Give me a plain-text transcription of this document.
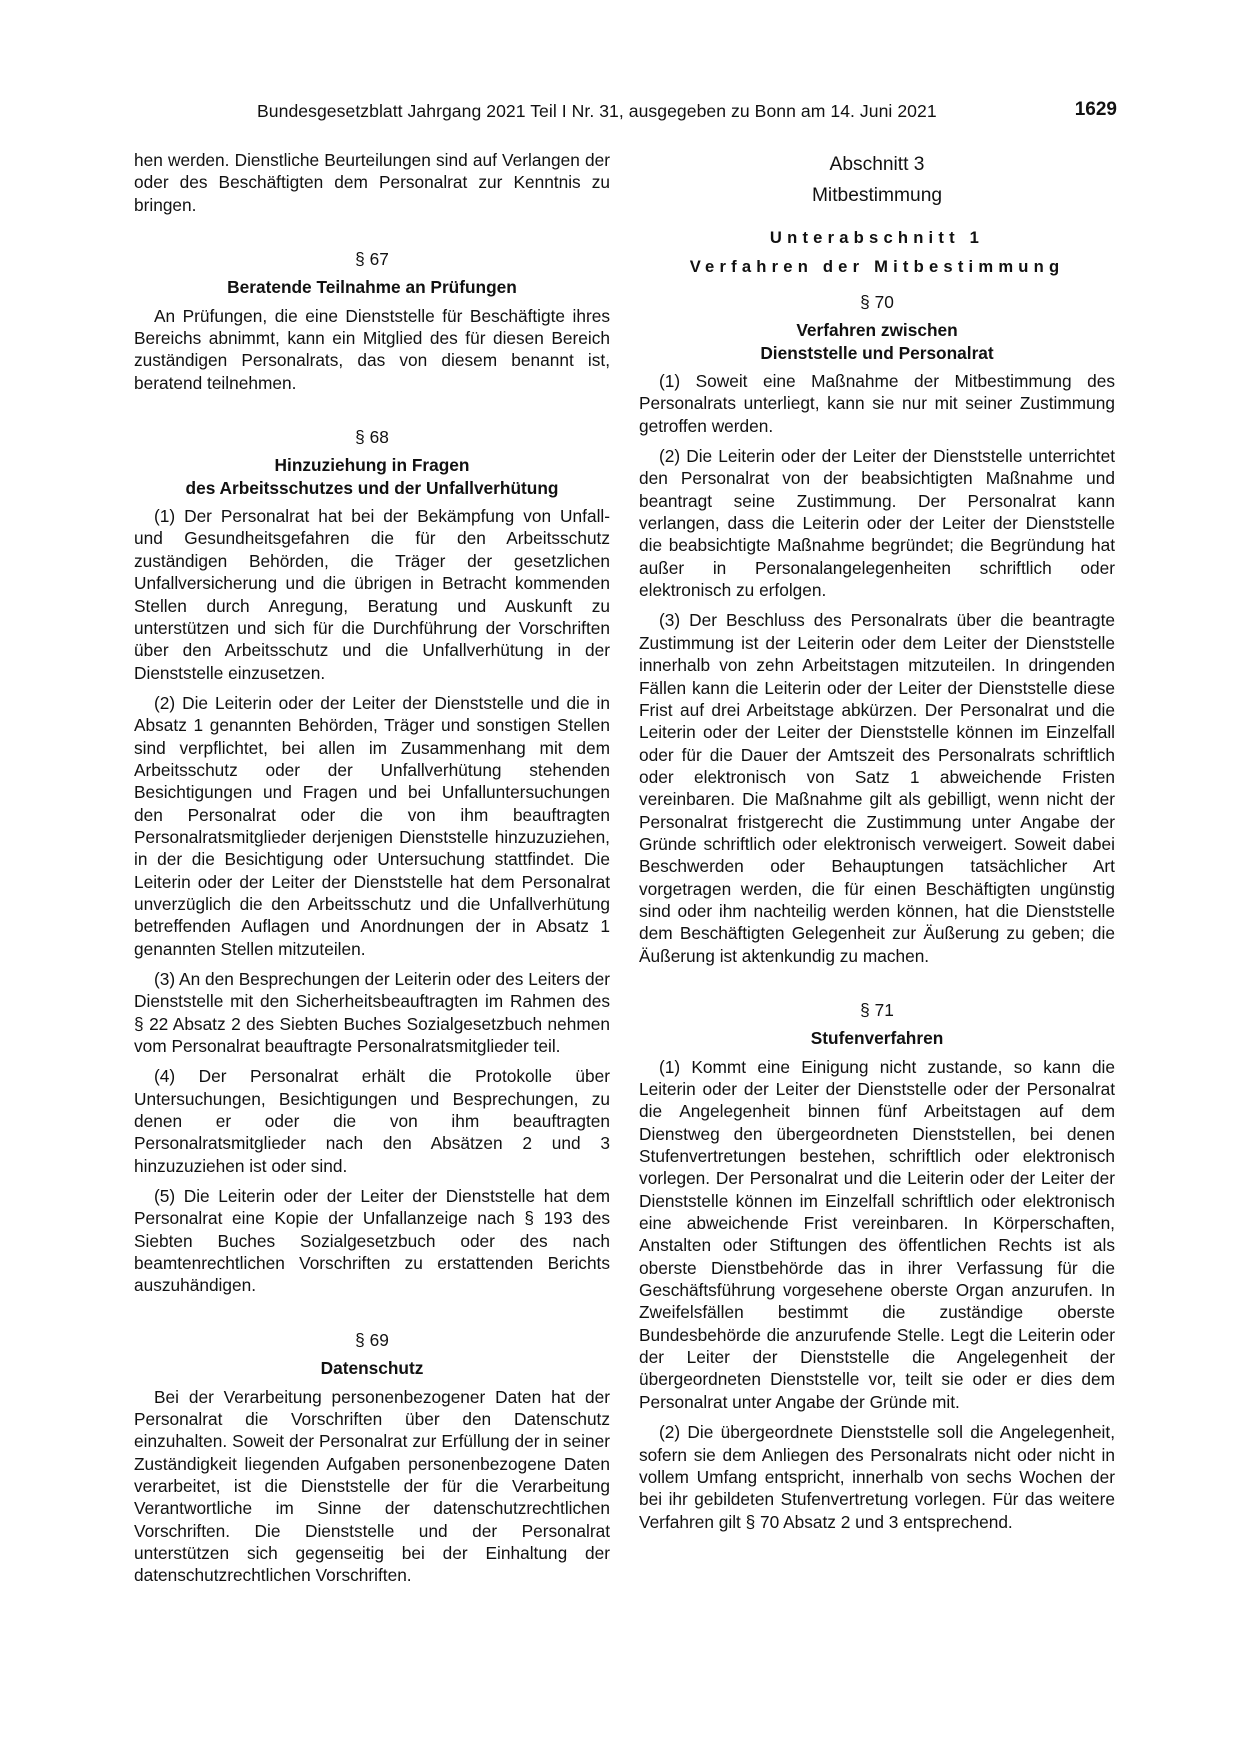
Bundesgesetzblatt Jahrgang 2021 Teil I Nr. 31, ausgegeben zu Bonn am 14. Juni 2021	1629

hen werden. Dienstliche Beurteilungen sind auf Verlangen der oder des Beschäftigten dem Personalrat zur Kenntnis zu bringen.

§ 67
Beratende Teilnahme an Prüfungen

An Prüfungen, die eine Dienststelle für Beschäftigte ihres Bereichs abnimmt, kann ein Mitglied des für diesen Bereich zuständigen Personalrats, das von diesem benannt ist, beratend teilnehmen.

§ 68
Hinzuziehung in Fragen
des Arbeitsschutzes und der Unfallverhütung

(1) Der Personalrat hat bei der Bekämpfung von Unfall- und Gesundheitsgefahren die für den Arbeitsschutz zuständigen Behörden, die Träger der gesetzlichen Unfallversicherung und die übrigen in Betracht kommenden Stellen durch Anregung, Beratung und Auskunft zu unterstützen und sich für die Durchführung der Vorschriften über den Arbeitsschutz und die Unfallverhütung in der Dienststelle einzusetzen.

(2) Die Leiterin oder der Leiter der Dienststelle und die in Absatz 1 genannten Behörden, Träger und sonstigen Stellen sind verpflichtet, bei allen im Zusammenhang mit dem Arbeitsschutz oder der Unfallverhütung stehenden Besichtigungen und Fragen und bei Unfalluntersuchungen den Personalrat oder die von ihm beauftragten Personalratsmitglieder derjenigen Dienststelle hinzuzuziehen, in der die Besichtigung oder Untersuchung stattfindet. Die Leiterin oder der Leiter der Dienststelle hat dem Personalrat unverzüglich die den Arbeitsschutz und die Unfallverhütung betreffenden Auflagen und Anordnungen der in Absatz 1 genannten Stellen mitzuteilen.

(3) An den Besprechungen der Leiterin oder des Leiters der Dienststelle mit den Sicherheitsbeauftragten im Rahmen des § 22 Absatz 2 des Siebten Buches Sozialgesetzbuch nehmen vom Personalrat beauftragte Personalratsmitglieder teil.

(4) Der Personalrat erhält die Protokolle über Untersuchungen, Besichtigungen und Besprechungen, zu denen er oder die von ihm beauftragten Personalratsmitglieder nach den Absätzen 2 und 3 hinzuzuziehen ist oder sind.

(5) Die Leiterin oder der Leiter der Dienststelle hat dem Personalrat eine Kopie der Unfallanzeige nach § 193 des Siebten Buches Sozialgesetzbuch oder des nach beamtenrechtlichen Vorschriften zu erstattenden Berichts auszuhändigen.

§ 69
Datenschutz

Bei der Verarbeitung personenbezogener Daten hat der Personalrat die Vorschriften über den Datenschutz einzuhalten. Soweit der Personalrat zur Erfüllung der in seiner Zuständigkeit liegenden Aufgaben personenbezogene Daten verarbeitet, ist die Dienststelle der für die Verarbeitung Verantwortliche im Sinne der datenschutzrechtlichen Vorschriften. Die Dienststelle und der Personalrat unterstützen sich gegenseitig bei der Einhaltung der datenschutzrechtlichen Vorschriften.

Abschnitt 3
Mitbestimmung
Unterabschnitt 1
Verfahren der Mitbestimmung
§ 70
Verfahren zwischen
Dienststelle und Personalrat

(1) Soweit eine Maßnahme der Mitbestimmung des Personalrats unterliegt, kann sie nur mit seiner Zustimmung getroffen werden.

(2) Die Leiterin oder der Leiter der Dienststelle unterrichtet den Personalrat von der beabsichtigten Maßnahme und beantragt seine Zustimmung. Der Personalrat kann verlangen, dass die Leiterin oder der Leiter der Dienststelle die beabsichtigte Maßnahme begründet; die Begründung hat außer in Personalangelegenheiten schriftlich oder elektronisch zu erfolgen.

(3) Der Beschluss des Personalrats über die beantragte Zustimmung ist der Leiterin oder dem Leiter der Dienststelle innerhalb von zehn Arbeitstagen mitzuteilen. In dringenden Fällen kann die Leiterin oder der Leiter der Dienststelle diese Frist auf drei Arbeitstage abkürzen. Der Personalrat und die Leiterin oder der Leiter der Dienststelle können im Einzelfall oder für die Dauer der Amtszeit des Personalrats schriftlich oder elektronisch von Satz 1 abweichende Fristen vereinbaren. Die Maßnahme gilt als gebilligt, wenn nicht der Personalrat fristgerecht die Zustimmung unter Angabe der Gründe schriftlich oder elektronisch verweigert. Soweit dabei Beschwerden oder Behauptungen tatsächlicher Art vorgetragen werden, die für einen Beschäftigten ungünstig sind oder ihm nachteilig werden können, hat die Dienststelle dem Beschäftigten Gelegenheit zur Äußerung zu geben; die Äußerung ist aktenkundig zu machen.

§ 71
Stufenverfahren

(1) Kommt eine Einigung nicht zustande, so kann die Leiterin oder der Leiter der Dienststelle oder der Personalrat die Angelegenheit binnen fünf Arbeitstagen auf dem Dienstweg den übergeordneten Dienststellen, bei denen Stufenvertretungen bestehen, schriftlich oder elektronisch vorlegen. Der Personalrat und die Leiterin oder der Leiter der Dienststelle können im Einzelfall schriftlich oder elektronisch eine abweichende Frist vereinbaren. In Körperschaften, Anstalten oder Stiftungen des öffentlichen Rechts ist als oberste Dienstbehörde das in ihrer Verfassung für die Geschäftsführung vorgesehene oberste Organ anzurufen. In Zweifelsfällen bestimmt die zuständige oberste Bundesbehörde die anzurufende Stelle. Legt die Leiterin oder der Leiter der Dienststelle die Angelegenheit der übergeordneten Dienststelle vor, teilt sie oder er dies dem Personalrat unter Angabe der Gründe mit.

(2) Die übergeordnete Dienststelle soll die Angelegenheit, sofern sie dem Anliegen des Personalrats nicht oder nicht in vollem Umfang entspricht, innerhalb von sechs Wochen der bei ihr gebildeten Stufenvertretung vorlegen. Für das weitere Verfahren gilt § 70 Absatz 2 und 3 entsprechend.
